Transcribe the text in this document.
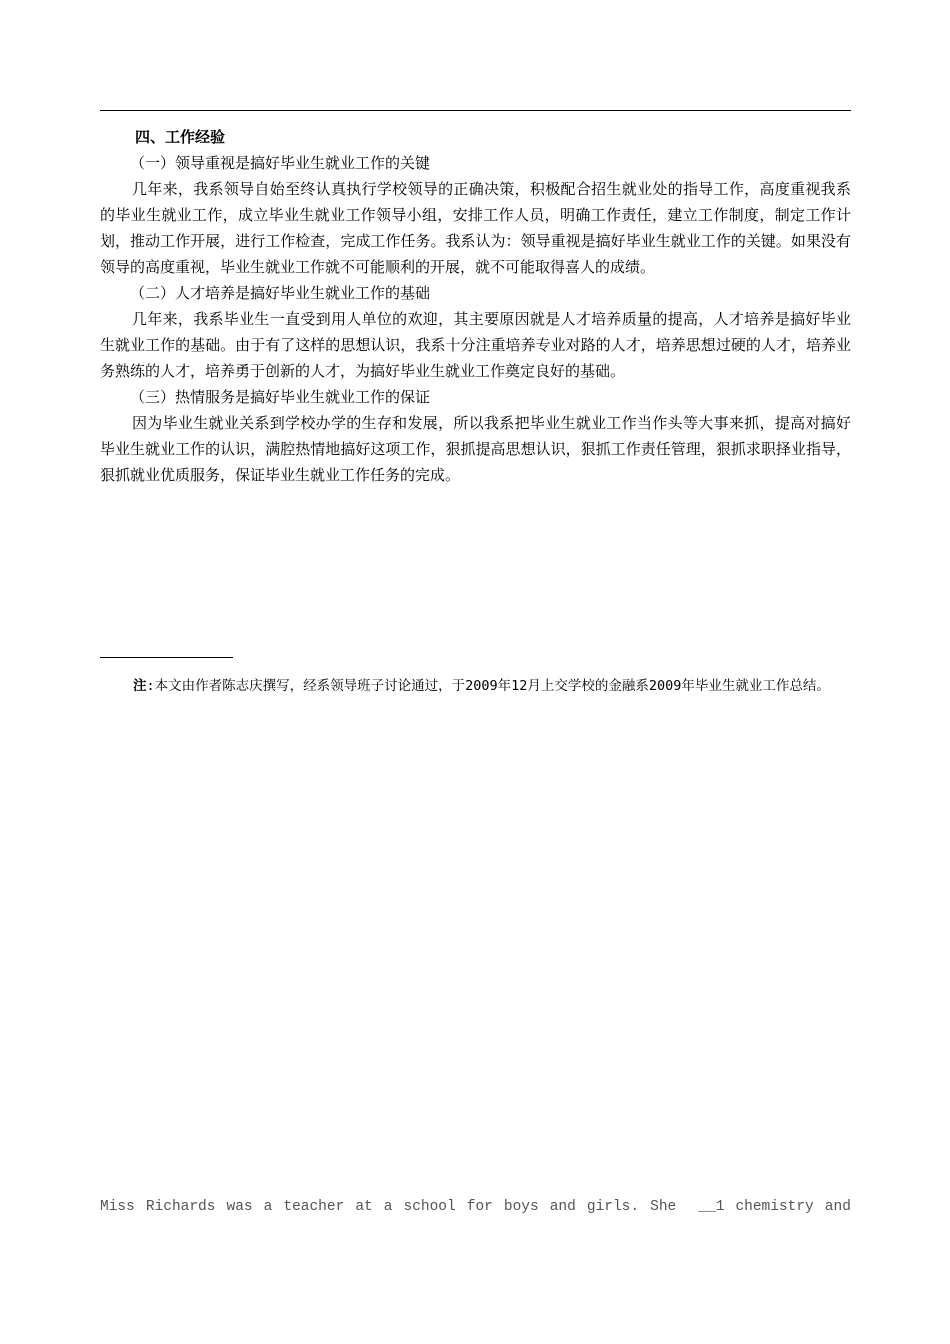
四、工作经验

（一）领导重视是搞好毕业生就业工作的关键

几年来，我系领导自始至终认真执行学校领导的正确决策，积极配合招生就业处的指导工作，高度重视我系的毕业生就业工作，成立毕业生就业工作领导小组，安排工作人员，明确工作责任，建立工作制度，制定工作计划，推动工作开展，进行工作检查，完成工作任务。我系认为：领导重视是搞好毕业生就业工作的关键。如果没有领导的高度重视，毕业生就业工作就不可能顺利的开展，就不可能取得喜人的成绩。

（二）人才培养是搞好毕业生就业工作的基础

几年来，我系毕业生一直受到用人单位的欢迎，其主要原因就是人才培养质量的提高，人才培养是搞好毕业生就业工作的基础。由于有了这样的思想认识，我系十分注重培养专业对路的人才，培养思想过硬的人才，培养业务熟练的人才，培养勇于创新的人才，为搞好毕业生就业工作奠定良好的基础。

（三）热情服务是搞好毕业生就业工作的保证

因为毕业生就业关系到学校办学的生存和发展，所以我系把毕业生就业工作当作头等大事来抓，提高对搞好毕业生就业工作的认识，满腔热情地搞好这项工作，狠抓提高思想认识，狠抓工作责任管理，狠抓求职择业指导，狠抓就业优质服务，保证毕业生就业工作任务的完成。

注:本文由作者陈志庆撰写，经系领导班子讨论通过，于2009年12月上交学校的金融系2009年毕业生就业工作总结。
Miss Richards was a teacher at a school for boys and girls. She __1 chemistry and
